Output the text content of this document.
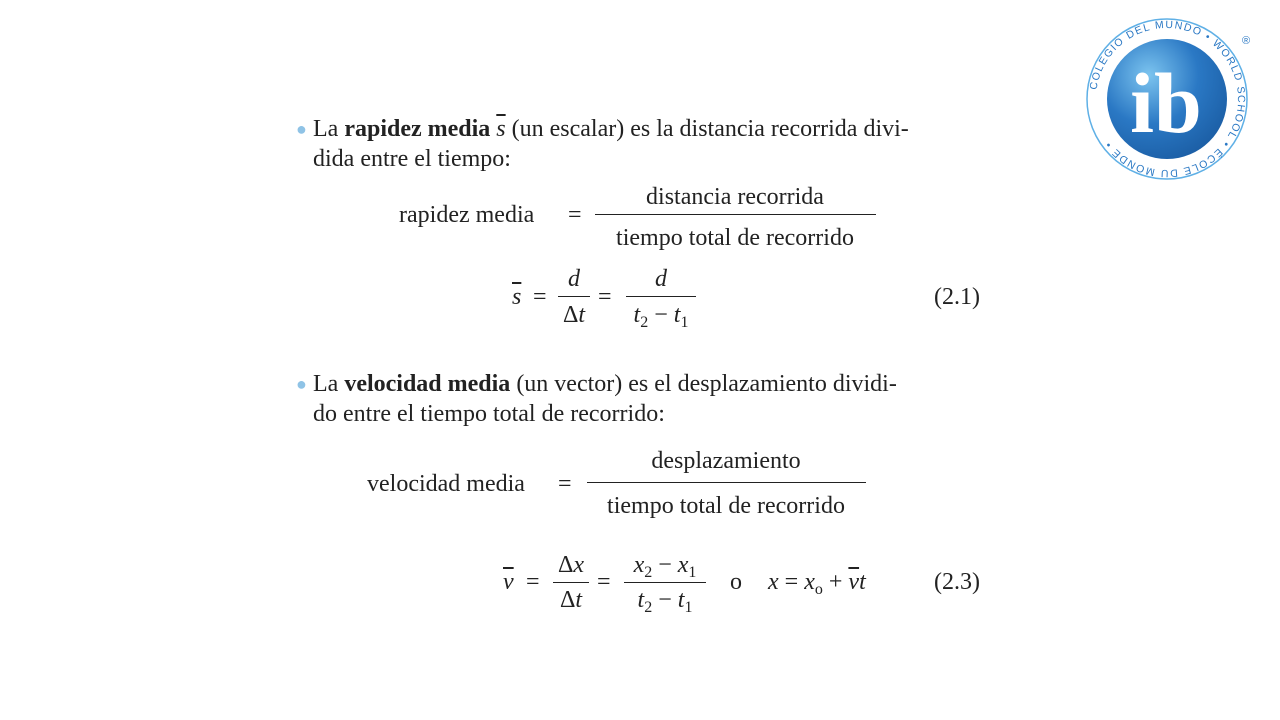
● La rapidez media $\overline{s}$ (un escalar) es la distancia recorrida divi-
dida entre el tiempo:
rapidez media =
distancia recorrida
tiempo total de recorrido
$\overline{s}$ =
d
Δt
=
d
$t_2 - t_1$
(2.1)
● La velocidad media (un vector) es el desplazamiento dividi-
do entre el tiempo total de recorrido:
velocidad media =
desplazamiento
tiempo total de recorrido
$\overline{v}$ =
Δx
Δt
=
$x_2 - x_1$
$t_2 - t_1$
o $x = x_o + \overline{v}t$	(2.3)
COLEGIO DEL MUNDO • WORLD SCHOOL • ÉCOLE DU MONDE • ib
®
